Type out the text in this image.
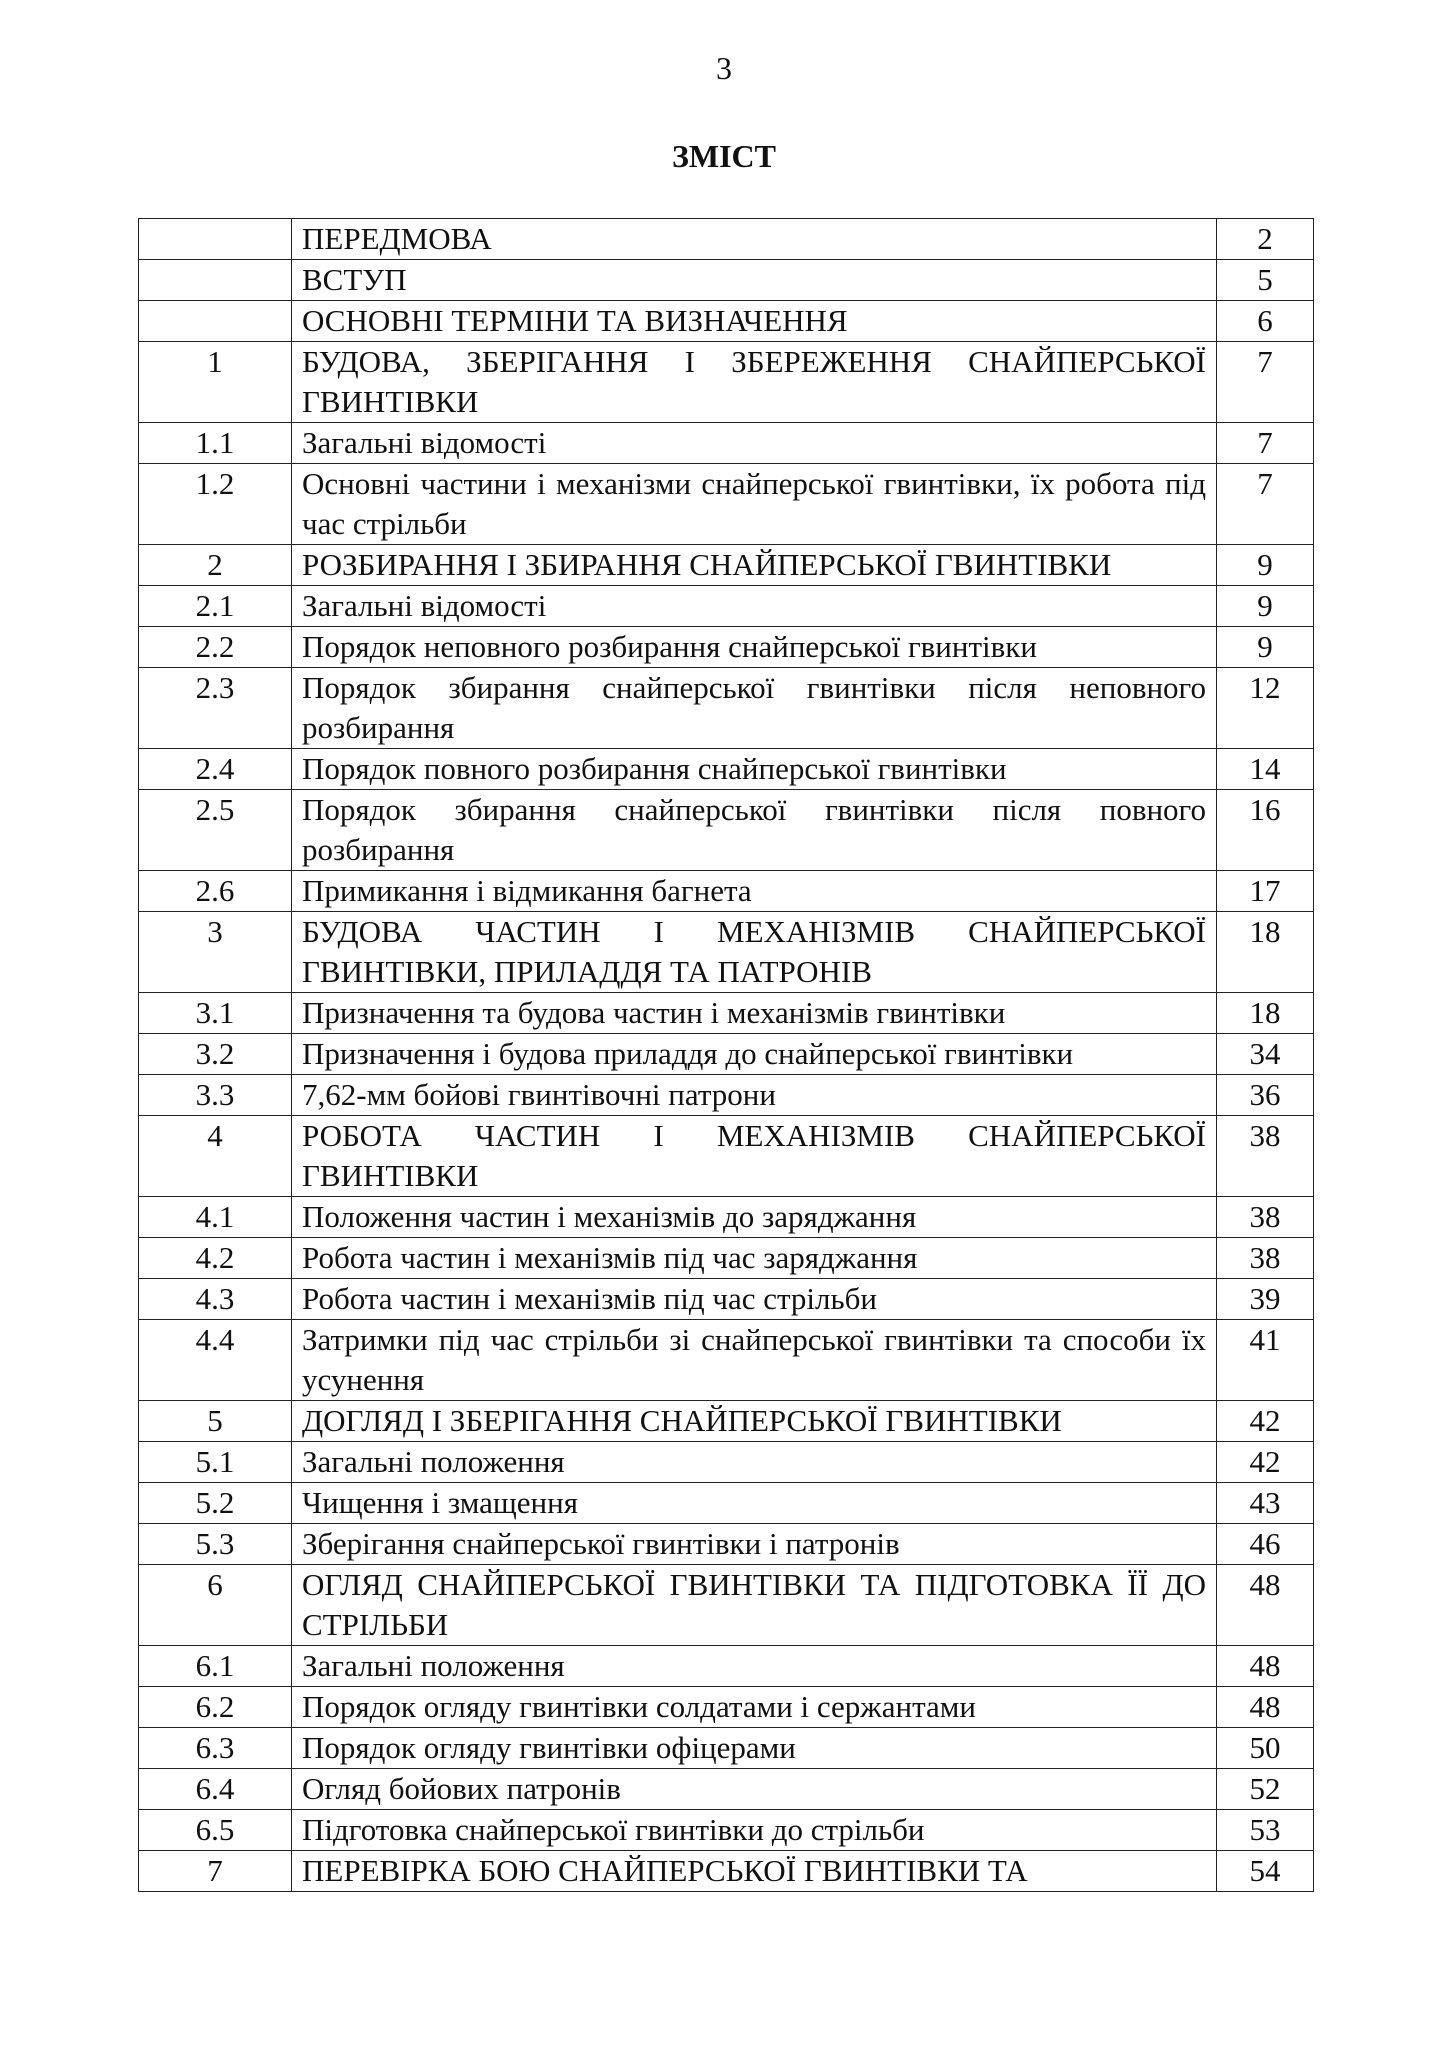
3
ЗМІСТ
	ПЕРЕДМОВА	2
	ВСТУП	5
	ОСНОВНІ ТЕРМІНИ ТА ВИЗНАЧЕННЯ	6
1	БУДОВА, ЗБЕРІГАННЯ І ЗБЕРЕЖЕННЯ СНАЙПЕРСЬКОЇ ГВИНТІВКИ	7
1.1	Загальні відомості	7
1.2	Основні частини і механізми снайперської гвинтівки, їх робота під час стрільби	7
2	РОЗБИРАННЯ І ЗБИРАННЯ СНАЙПЕРСЬКОЇ ГВИНТІВКИ	9
2.1	Загальні відомості	9
2.2	Порядок неповного розбирання снайперської гвинтівки	9
2.3	Порядок збирання снайперської гвинтівки після неповного розбирання	12
2.4	Порядок повного розбирання снайперської гвинтівки	14
2.5	Порядок збирання снайперської гвинтівки після повного розбирання	16
2.6	Примикання і відмикання багнета	17
3	БУДОВА ЧАСТИН І МЕХАНІЗМІВ СНАЙПЕРСЬКОЇ ГВИНТІВКИ, ПРИЛАДДЯ ТА ПАТРОНІВ	18
3.1	Призначення та будова частин і механізмів гвинтівки	18
3.2	Призначення і будова приладдя до снайперської гвинтівки	34
3.3	7,62-мм бойові гвинтівочні патрони	36
4	РОБОТА ЧАСТИН І МЕХАНІЗМІВ СНАЙПЕРСЬКОЇ ГВИНТІВКИ	38
4.1	Положення частин і механізмів до заряджання	38
4.2	Робота частин і механізмів під час заряджання	38
4.3	Робота частин і механізмів під час стрільби	39
4.4	Затримки під час стрільби зі снайперської гвинтівки та способи їх усунення	41
5	ДОГЛЯД І ЗБЕРІГАННЯ СНАЙПЕРСЬКОЇ ГВИНТІВКИ	42
5.1	Загальні положення	42
5.2	Чищення і змащення	43
5.3	Зберігання снайперської гвинтівки і патронів	46
6	ОГЛЯД СНАЙПЕРСЬКОЇ ГВИНТІВКИ ТА ПІДГОТОВКА ЇЇ ДО СТРІЛЬБИ	48
6.1	Загальні положення	48
6.2	Порядок огляду гвинтівки солдатами і сержантами	48
6.3	Порядок огляду гвинтівки офіцерами	50
6.4	Огляд бойових патронів	52
6.5	Підготовка снайперської гвинтівки до стрільби	53
7	ПЕРЕВІРКА БОЮ СНАЙПЕРСЬКОЇ ГВИНТІВКИ ТА	54
